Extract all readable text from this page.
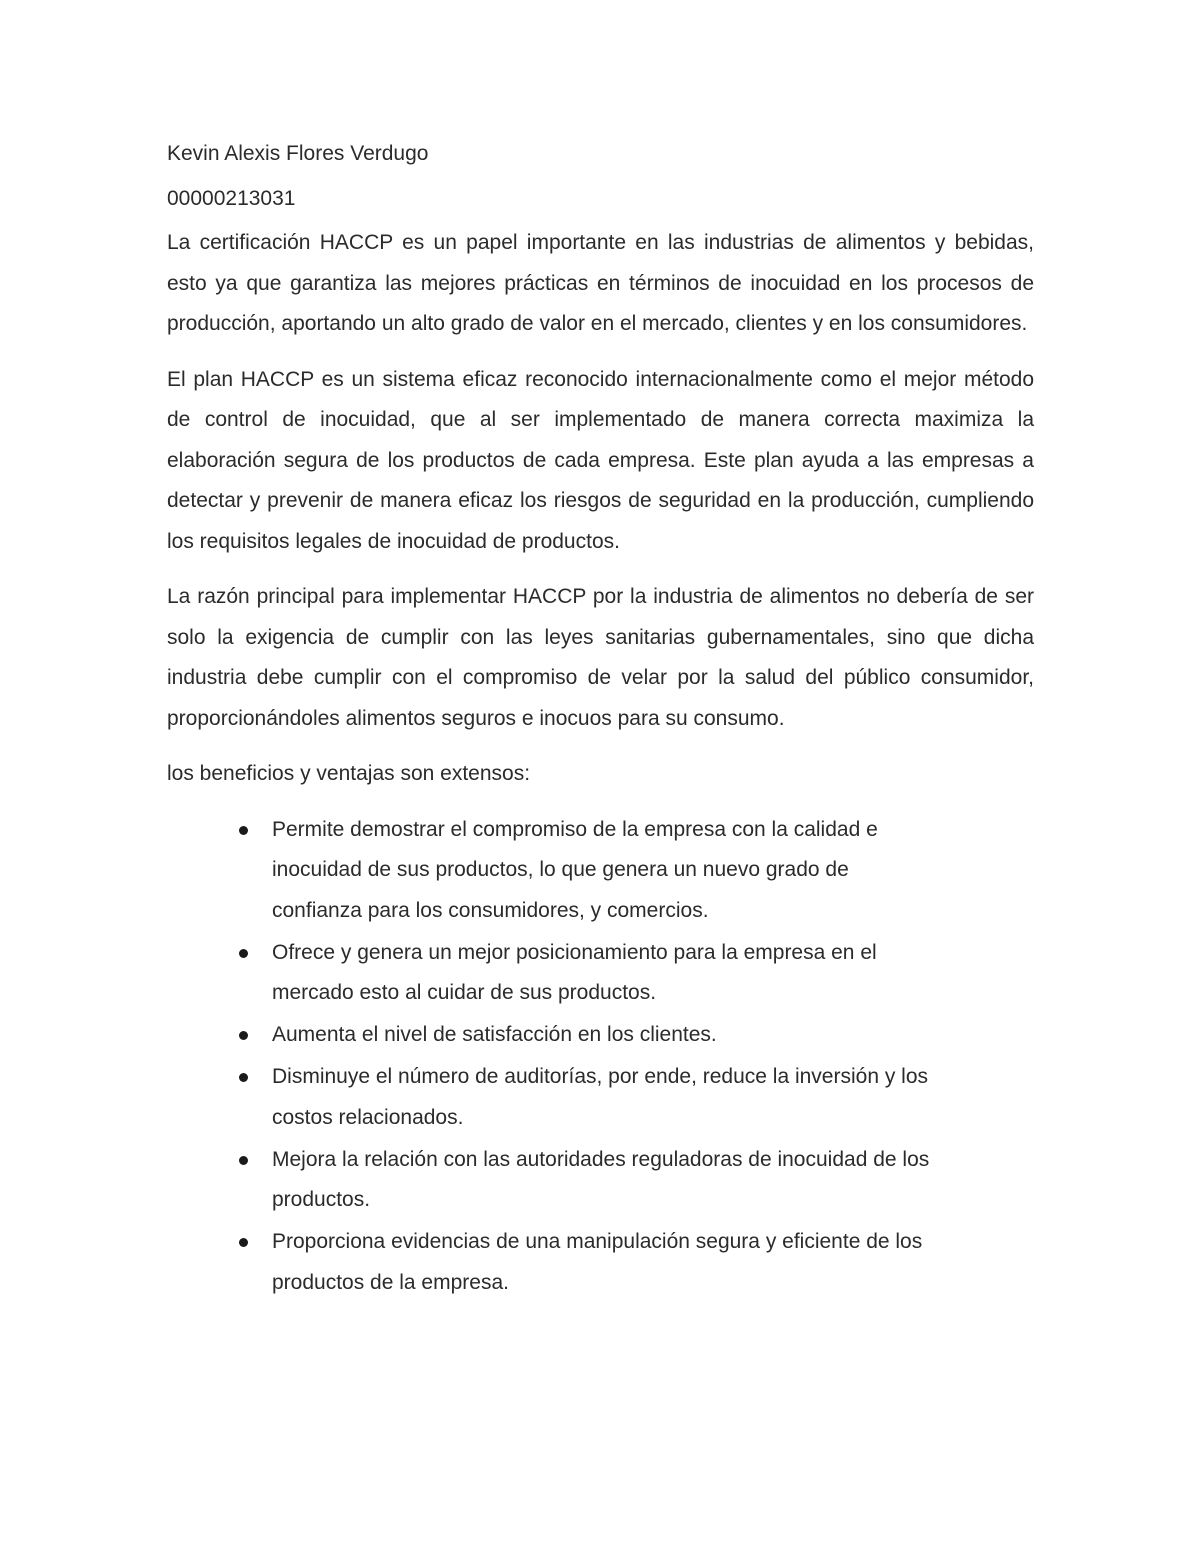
Kevin Alexis Flores Verdugo

00000213031

La certificación HACCP es un papel importante en las industrias de alimentos y bebidas, esto ya que garantiza las mejores prácticas en términos de inocuidad en los procesos de producción, aportando un alto grado de valor en el mercado, clientes y en los consumidores.

El plan HACCP es un sistema eficaz reconocido internacionalmente como el mejor método de control de inocuidad, que al ser implementado de manera correcta maximiza la elaboración segura de los productos de cada empresa. Este plan ayuda a las empresas a detectar y prevenir de manera eficaz los riesgos de seguridad en la producción, cumpliendo los requisitos legales de inocuidad de productos.

La razón principal para implementar HACCP por la industria de alimentos no debería de ser solo la exigencia de cumplir con las leyes sanitarias gubernamentales, sino que dicha industria debe cumplir con el compromiso de velar por la salud del público consumidor, proporcionándoles alimentos seguros e inocuos para su consumo.

los beneficios y ventajas son extensos:

Permite demostrar el compromiso de la empresa con la calidad e inocuidad de sus productos, lo que genera un nuevo grado de confianza para los consumidores, y comercios.
Ofrece y genera un mejor posicionamiento para la empresa en el mercado esto al cuidar de sus productos.
Aumenta el nivel de satisfacción en los clientes.
Disminuye el número de auditorías, por ende, reduce la inversión y los costos relacionados.
Mejora la relación con las autoridades reguladoras de inocuidad de los productos.
Proporciona evidencias de una manipulación segura y eficiente de los productos de la empresa.
